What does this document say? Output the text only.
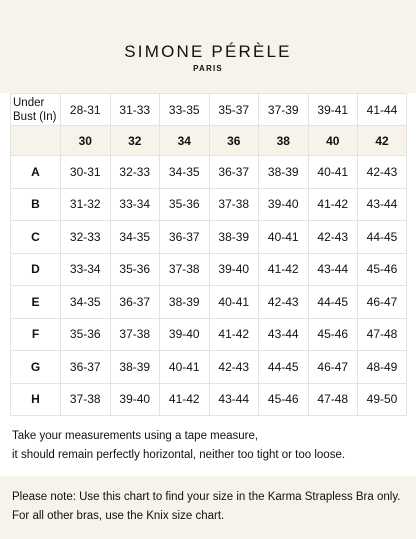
SIMONE PÉRÈLE
PARIS
Under Bust (In)	28-31	31-33	33-35	35-37	37-39	39-41	41-44
	30	32	34	36	38	40	42
A	30-31	32-33	34-35	36-37	38-39	40-41	42-43
B	31-32	33-34	35-36	37-38	39-40	41-42	43-44
C	32-33	34-35	36-37	38-39	40-41	42-43	44-45
D	33-34	35-36	37-38	39-40	41-42	43-44	45-46
E	34-35	36-37	38-39	40-41	42-43	44-45	46-47
F	35-36	37-38	39-40	41-42	43-44	45-46	47-48
G	36-37	38-39	40-41	42-43	44-45	46-47	48-49
H	37-38	39-40	41-42	43-44	45-46	47-48	49-50
Take your measurements using a tape measure,
it should remain perfectly horizontal, neither too tight or too loose.
Please note: Use this chart to find your size in the Karma Strapless Bra only.
For all other bras, use the Knix size chart.
